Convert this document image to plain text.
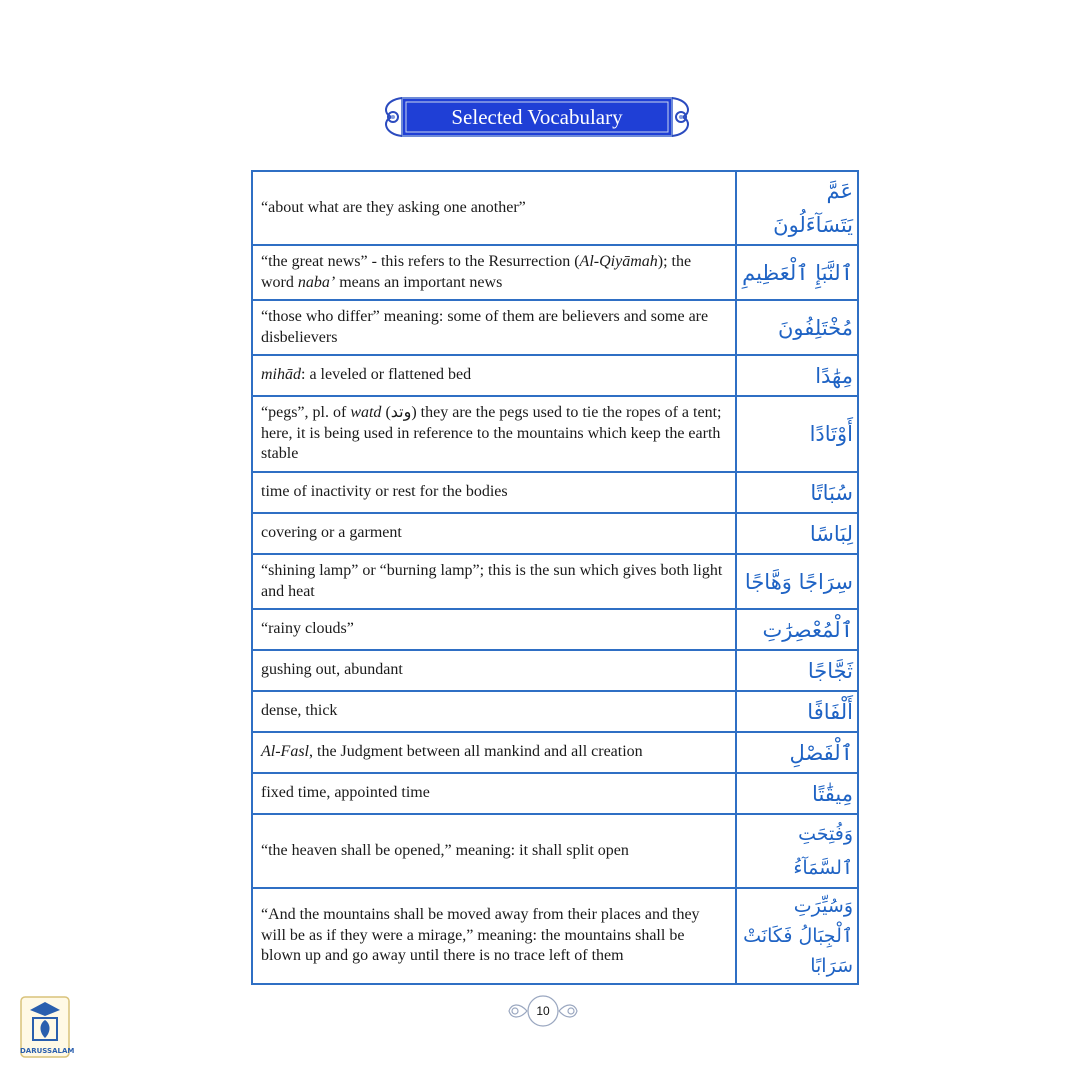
Selected Vocabulary
“about what are they asking one another”	عَمَّ يَتَسَآءَلُونَ
“the great news” - this refers to the Resurrection (Al-Qiyāmah); the word naba’ means an important news	ٱلنَّبَإِ ٱلْعَظِيمِ
“those who differ” meaning: some of them are believers and some are disbelievers	مُخْتَلِفُونَ
mihād: a leveled or flattened bed	مِهَٰدًا
“pegs”, pl. of watd (وتد) they are the pegs used to tie the ropes of a tent; here, it is being used in reference to the mountains which keep the earth stable	أَوْتَادًا
time of inactivity or rest for the bodies	سُبَاتًا
covering or a garment	لِبَاسًا
“shining lamp” or “burning lamp”; this is the sun which gives both light and heat	سِرَاجًا وَهَّاجًا
“rainy clouds”	ٱلْمُعْصِرَٰتِ
gushing out, abundant	ثَجَّاجًا
dense, thick	أَلْفَافًا
Al-Fasl, the Judgment between all mankind and all creation	ٱلْفَصْلِ
fixed time, appointed time	مِيقَٰتًا
“the heaven shall be opened,” meaning: it shall split open	وَفُتِحَتِ ٱلسَّمَآءُ
“And the mountains shall be moved away from their places and they will be as if they were a mirage,” meaning: the mountains shall be blown up and go away until there is no trace left of them	وَسُيِّرَتِ ٱلْجِبَالُ فَكَانَتْ سَرَابًا
10
DARUSSALAM
